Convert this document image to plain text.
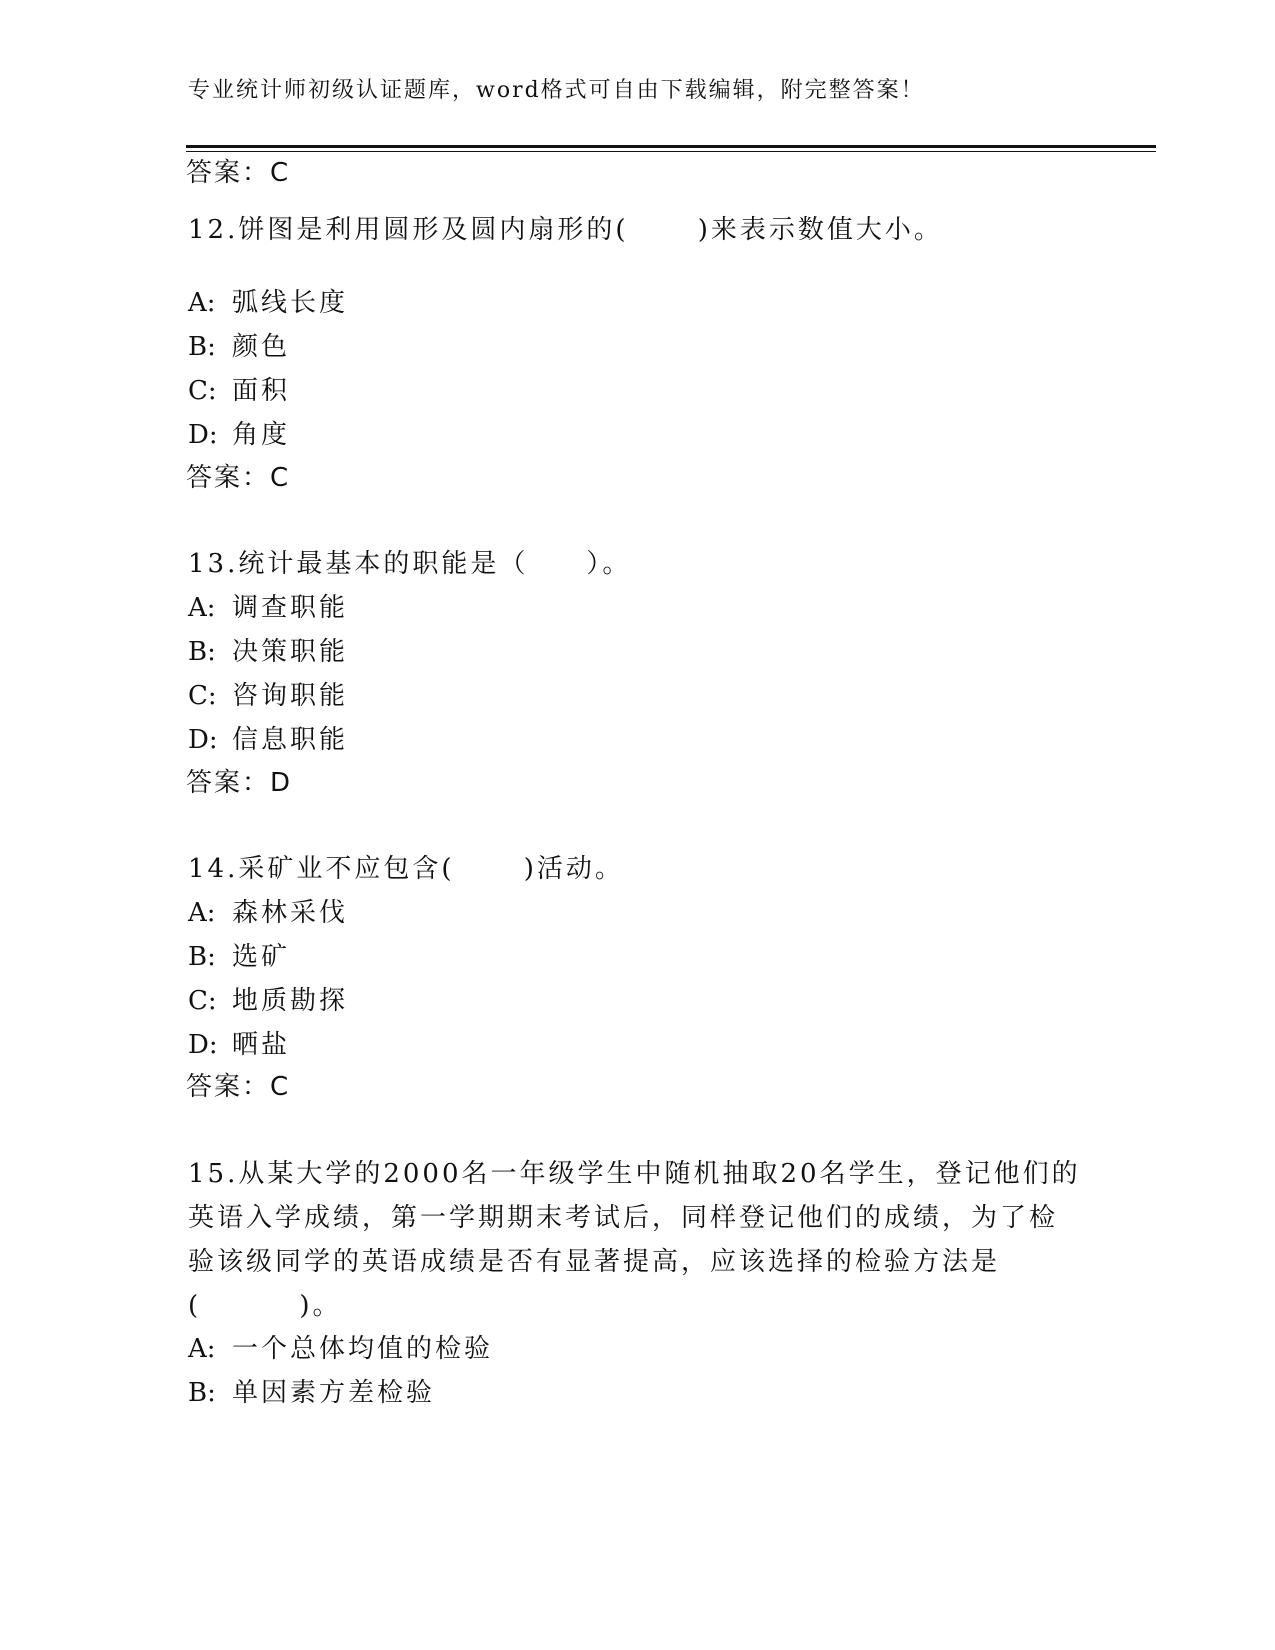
专业统计师初级认证题库，word格式可自由下载编辑，附完整答案！
答案：C
12.饼图是利用圆形及圆内扇形的(　　 )来表示数值大小。
A: 弧线长度
B: 颜色
C: 面积
D: 角度
答案：C
13.统计最基本的职能是（　　）。
A: 调查职能
B: 决策职能
C: 咨询职能
D: 信息职能
答案：D
14.采矿业不应包含(　　 )活动。
A: 森林采伐
B: 选矿
C: 地质勘探
D: 晒盐
答案：C
15.从某大学的2000名一年级学生中随机抽取20名学生，登记他们的
英语入学成绩，第一学期期末考试后，同样登记他们的成绩，为了检
验该级同学的英语成绩是否有显著提高，应该选择的检验方法是
(　　　 )。
A: 一个总体均值的检验
B: 单因素方差检验
